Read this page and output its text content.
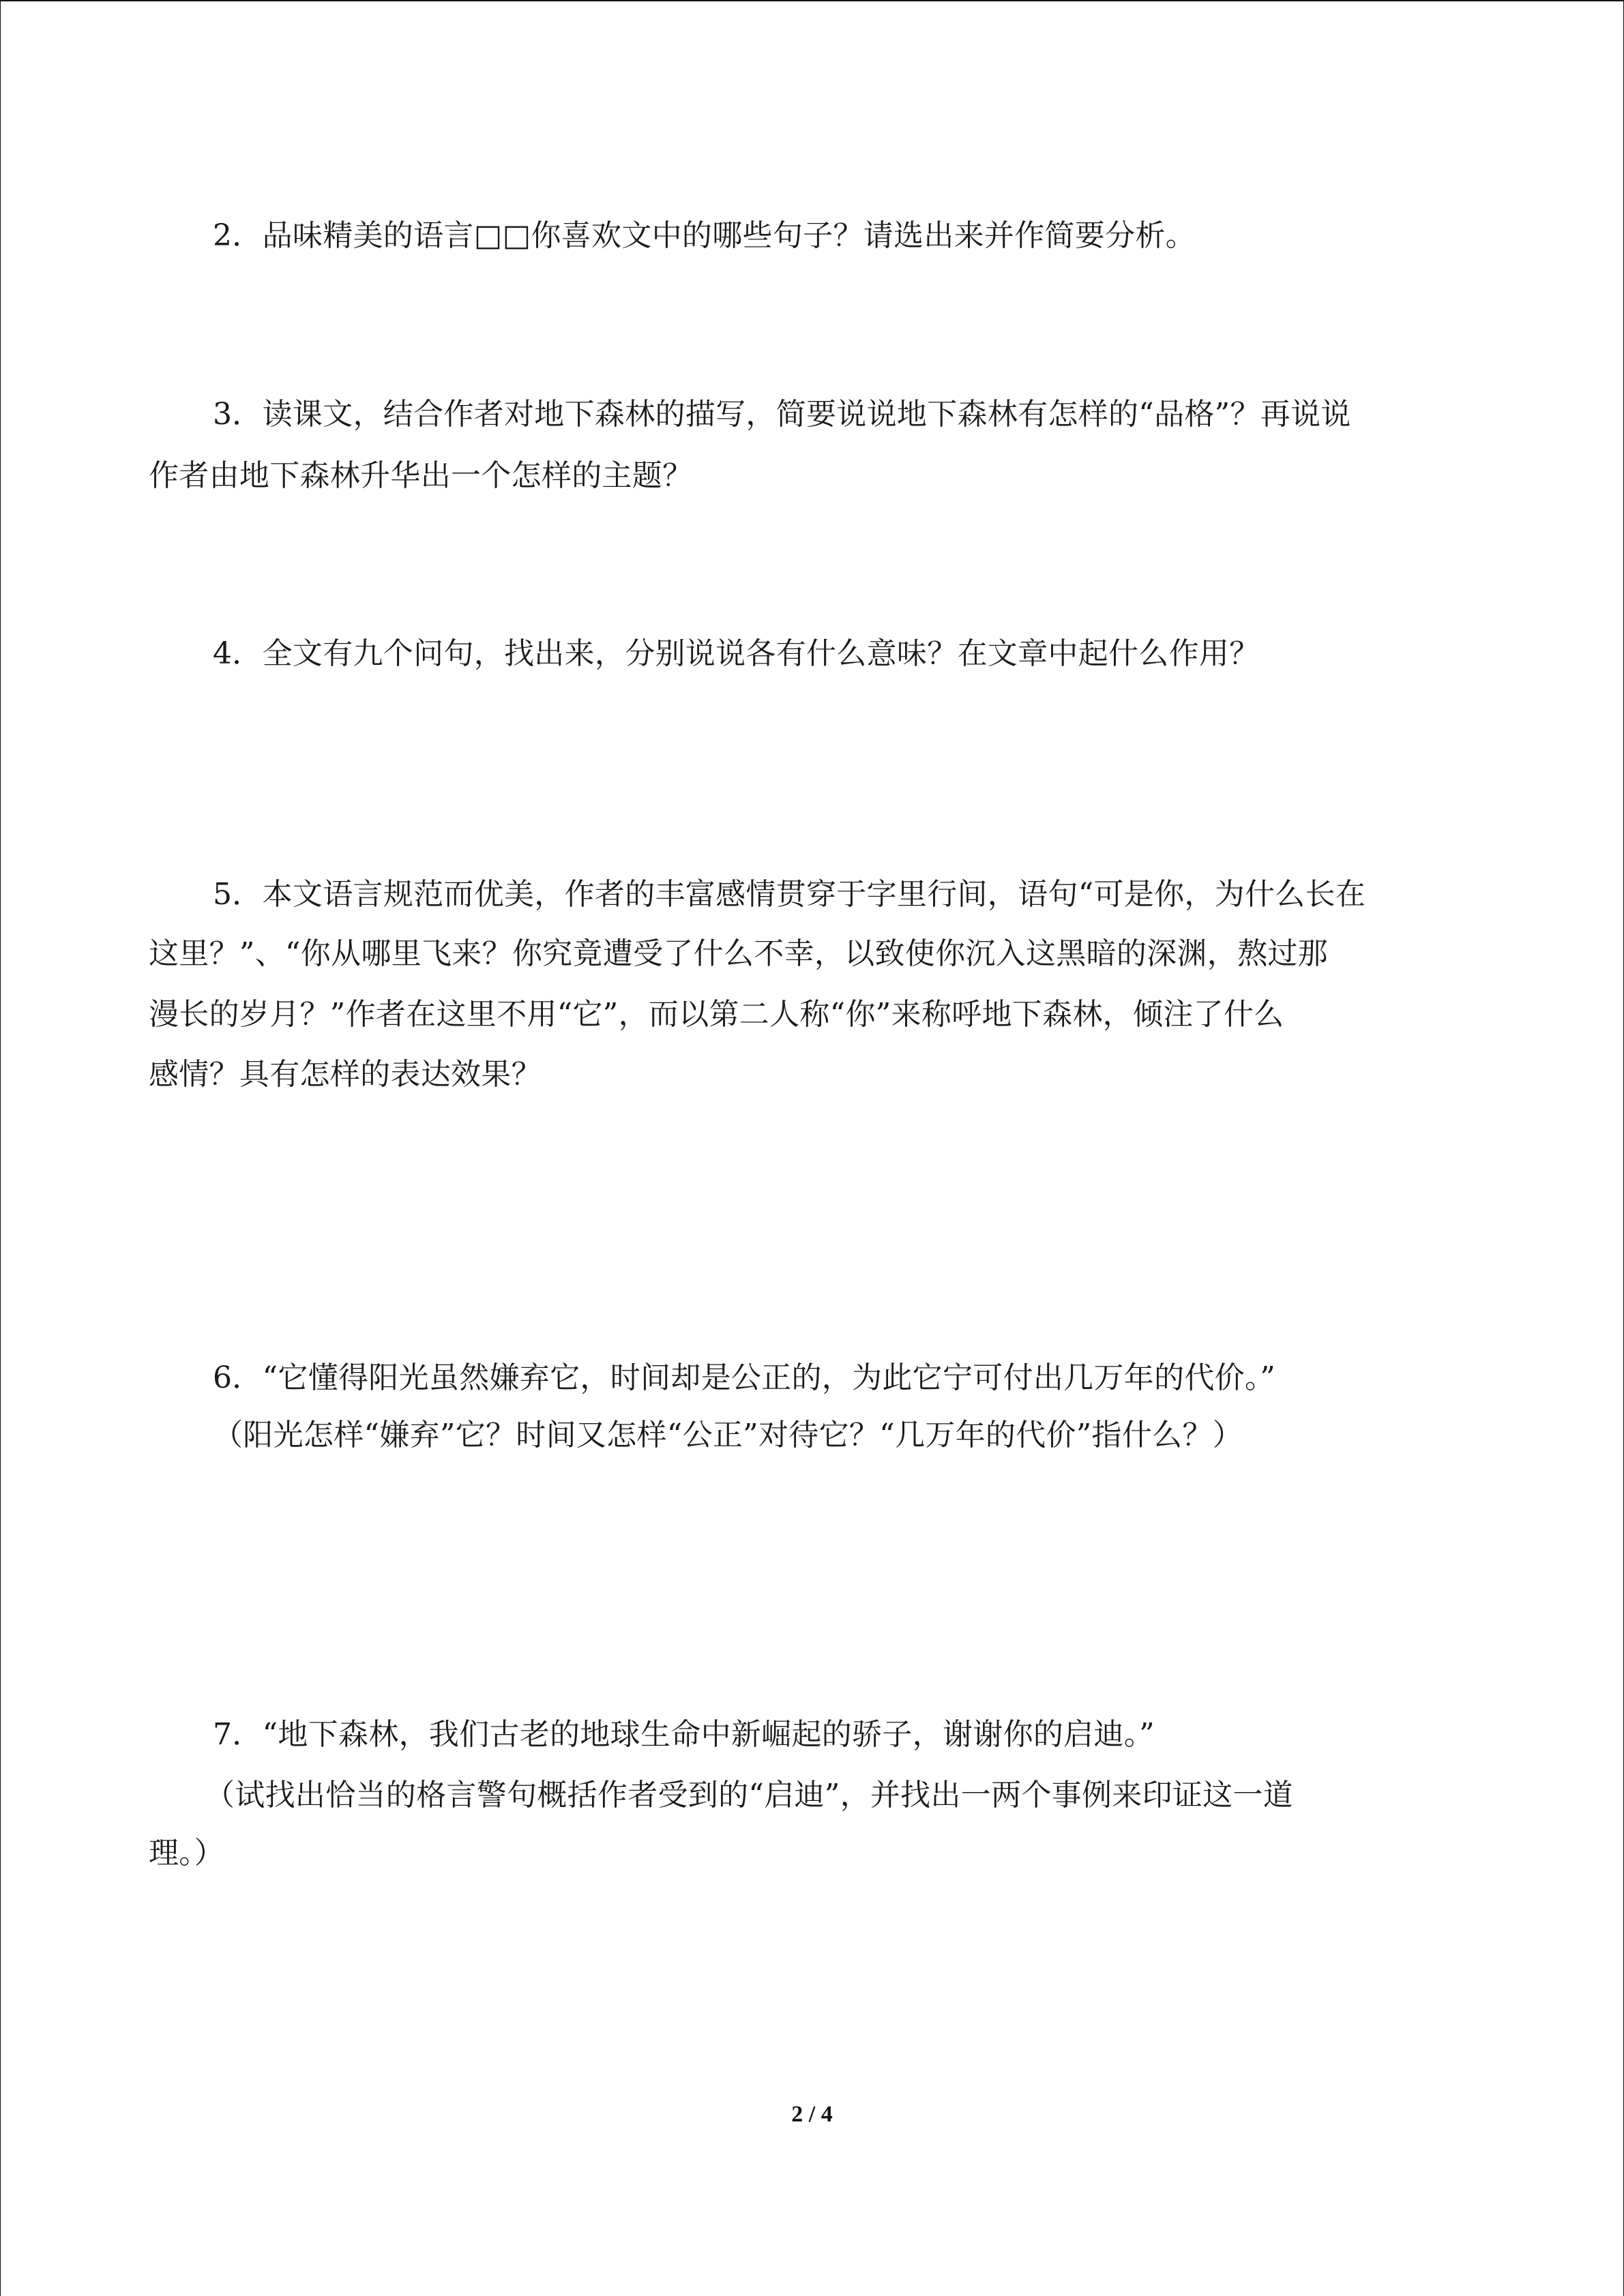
2．品味精美的语言□□你喜欢文中的哪些句子？请选出来并作简要分析。
3．读课文，结合作者对地下森林的描写，简要说说地下森林有怎样的“品格”？再说说
作者由地下森林升华出一个怎样的主题？
4．全文有九个问句，找出来，分别说说各有什么意味？在文章中起什么作用？
5．本文语言规范而优美，作者的丰富感情贯穿于字里行间，语句“可是你，为什么长在
这里？”、“你从哪里飞来？你究竟遭受了什么不幸，以致使你沉入这黑暗的深渊，熬过那
漫长的岁月？”作者在这里不用“它”，而以第二人称“你”来称呼地下森林，倾注了什么
感情？具有怎样的表达效果？
6．“它懂得阳光虽然嫌弃它，时间却是公正的，为此它宁可付出几万年的代价。”
（阳光怎样“嫌弃”它？时间又怎样“公正”对待它？“几万年的代价”指什么？）
7．“地下森林，我们古老的地球生命中新崛起的骄子，谢谢你的启迪。”
（试找出恰当的格言警句概括作者受到的“启迪”，并找出一两个事例来印证这一道
理。）
2 / 4
